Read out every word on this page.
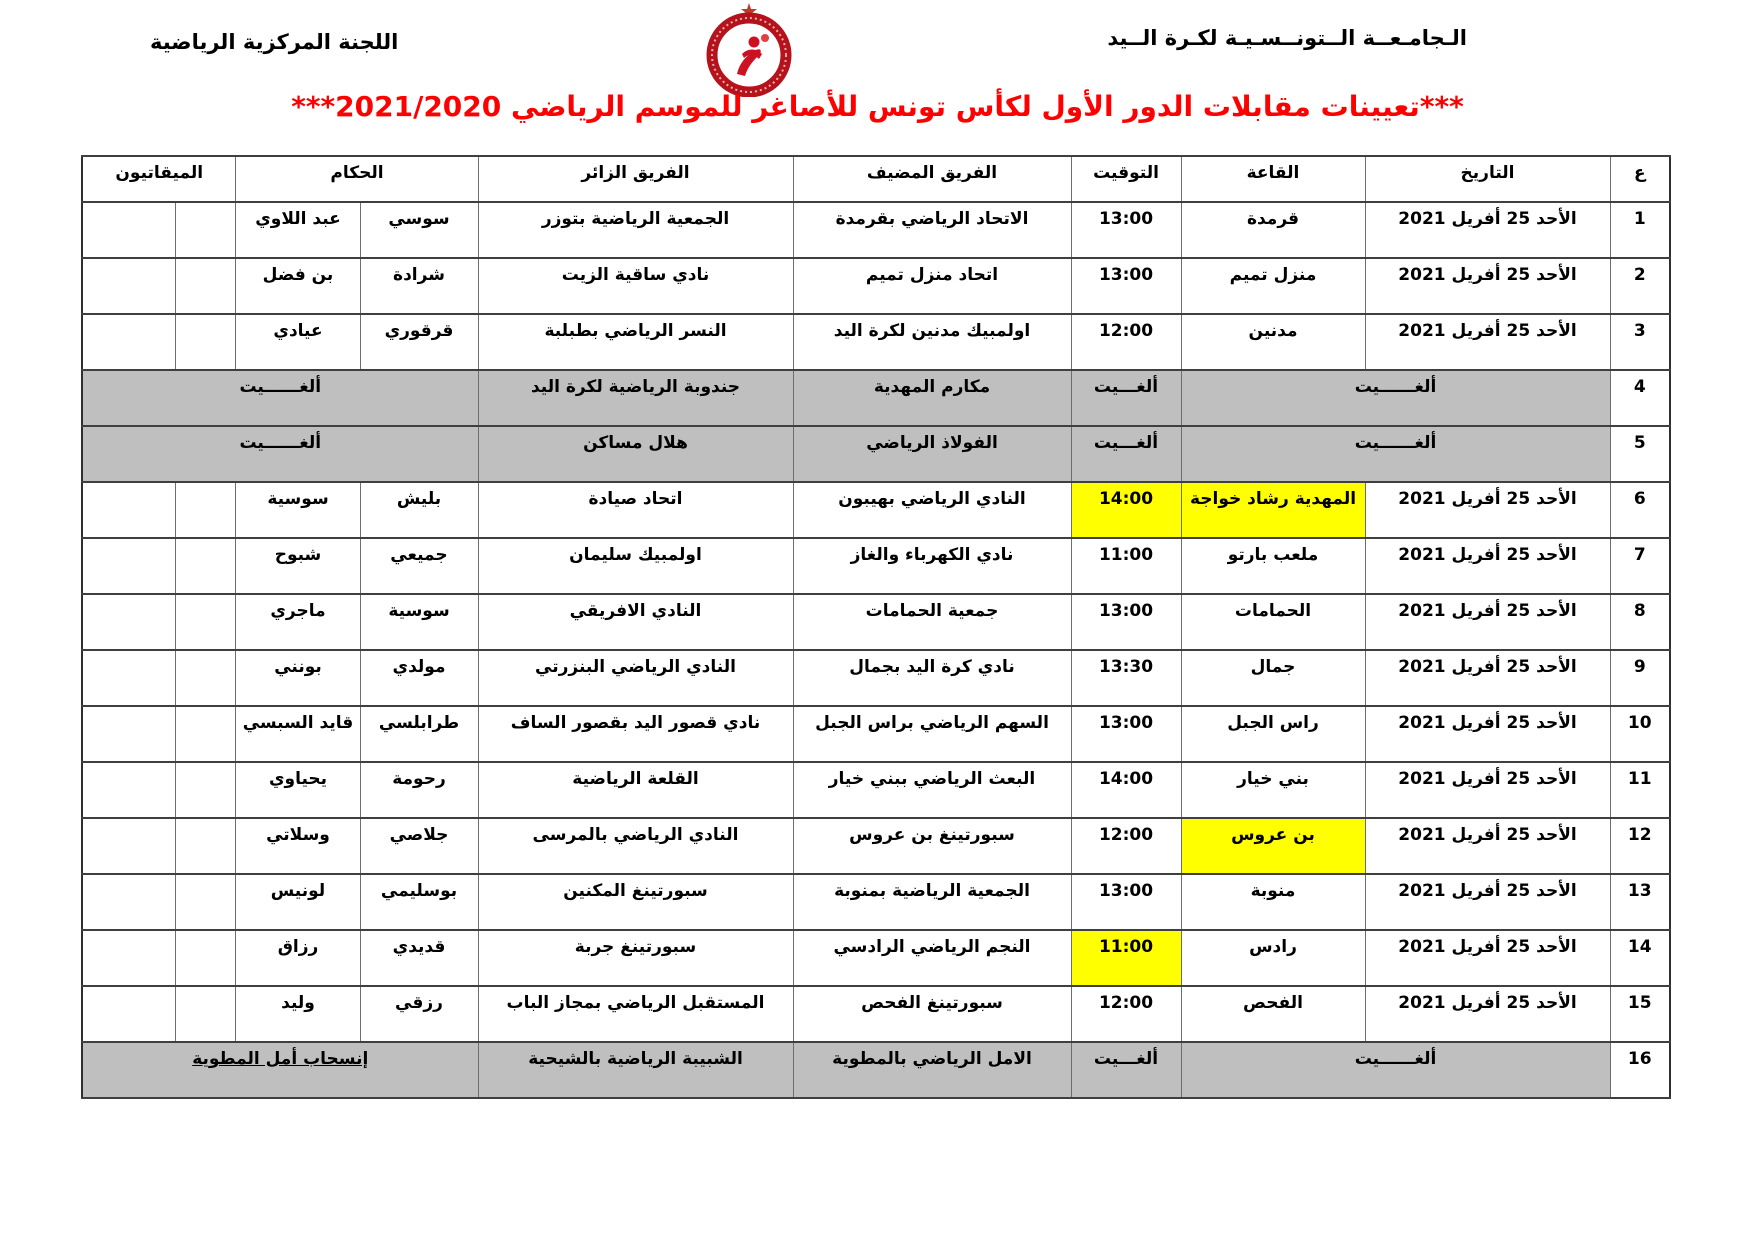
الـجامـعــة الــتونــسـيـة لكـرة الــيد
اللجنة المركزية الرياضية
***تعيينات مقابلات الدور الأول لكأس تونس للأصاغر للموسم الرياضي 2021/2020***
ع	التاريخ	القاعة	التوقيت	الفريق المضيف	الفريق الزائر	الحكام		الميقاتيون	
1	الأحد 25 أفريل 2021	قرمدة	13:00	الاتحاد الرياضي بقرمدة	الجمعية الرياضية بتوزر	سوسي	عبد اللاوي		
2	الأحد 25 أفريل 2021	منزل تميم	13:00	اتحاد منزل تميم	نادي ساقية الزيت	شرادة	بن فضل		
3	الأحد 25 أفريل 2021	مدنين	12:00	اولمبيك مدنين لكرة اليد	النسر الرياضي بطبلبة	قرقوري	عيادي		
4	ألغــــــيت		ألغـــيت	مكارم المهدية	جندوبة الرياضية لكرة اليد	ألغــــــيت			
5	ألغــــــيت		ألغـــيت	الفولاذ الرياضي	هلال مساكن	ألغــــــيت			
6	الأحد 25 أفريل 2021	المهدية رشاد خواجة	14:00	النادي الرياضي بهيبون	اتحاد صيادة	بليش	سوسية		
7	الأحد 25 أفريل 2021	ملعب بارتو	11:00	نادي الكهرباء والغاز	اولمبيك سليمان	جميعي	شبوح		
8	الأحد 25 أفريل 2021	الحمامات	13:00	جمعية الحمامات	النادي الافريقي	سوسية	ماجري		
9	الأحد 25 أفريل 2021	جمال	13:30	نادي كرة اليد بجمال	النادي الرياضي البنزرتي	مولدي	بونني		
10	الأحد 25 أفريل 2021	راس الجبل	13:00	السهم الرياضي براس الجبل	نادي قصور اليد بقصور الساف	طرابلسي	قايد السبسي		
11	الأحد 25 أفريل 2021	بني خيار	14:00	البعث الرياضي ببني خيار	القلعة الرياضية	رحومة	يحياوي		
12	الأحد 25 أفريل 2021	بن عروس	12:00	سبورتينغ بن عروس	النادي الرياضي بالمرسى	جلاصي	وسلاتي		
13	الأحد 25 أفريل 2021	منوبة	13:00	الجمعية الرياضية بمنوبة	سبورتينغ المكنين	بوسليمي	لونيس		
14	الأحد 25 أفريل 2021	رادس	11:00	النجم الرياضي الرادسي	سبورتينغ جربة	قديدي	رزاق		
15	الأحد 25 أفريل 2021	الفحص	12:00	سبورتينغ الفحص	المستقبل الرياضي بمجاز الباب	رزقي	وليد		
16	ألغــــــيت		ألغـــيت	الامل الرياضي بالمطوية	الشبيبة الرياضية بالشيحية	إنسحاب أمل المطوية			
